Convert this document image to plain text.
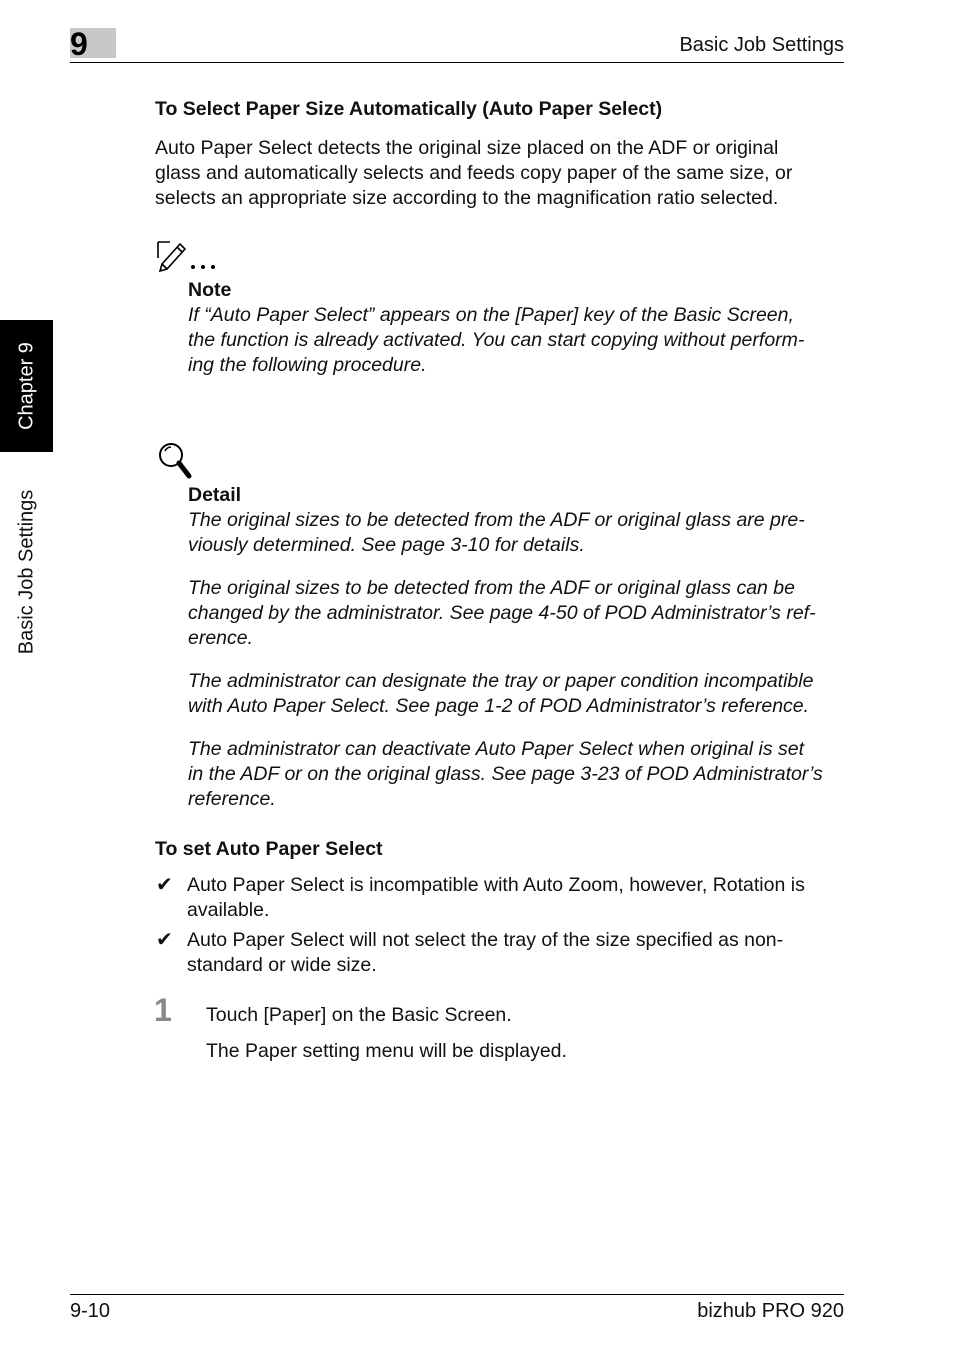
9	Basic Job Settings
Chapter 9
Basic Job Settings
To Select Paper Size Automatically (Auto Paper Select)

Auto Paper Select detects the original size placed on the ADF or original

glass and automatically selects and feeds copy paper of the same size, or

selects an appropriate size according to the magnification ratio selected.

Note

If “Auto Paper Select” appears on the [Paper] key of the Basic Screen,

the function is already activated. You can start copying without perform-

ing the following procedure.

Detail

The original sizes to be detected from the ADF or original glass are pre-

viously determined. See page 3-10 for details.

The original sizes to be detected from the ADF or original glass can be

changed by the administrator. See page 4-50 of POD Administrator’s ref-

erence.

The administrator can designate the tray or paper condition incompatible

with Auto Paper Select. See page 1-2 of POD Administrator’s reference.

The administrator can deactivate Auto Paper Select when original is set

in the ADF or on the original glass. See page 3-23 of POD Administrator’s

reference.

To set Auto Paper Select
✔ Auto Paper Select is incompatible with Auto Zoom, however, Rotation is

available.

✔ Auto Paper Select will not select the tray of the size specified as non-

standard or wide size.

1 Touch [Paper] on the Basic Screen.
The Paper setting menu will be displayed.
9-10	bizhub PRO 920
